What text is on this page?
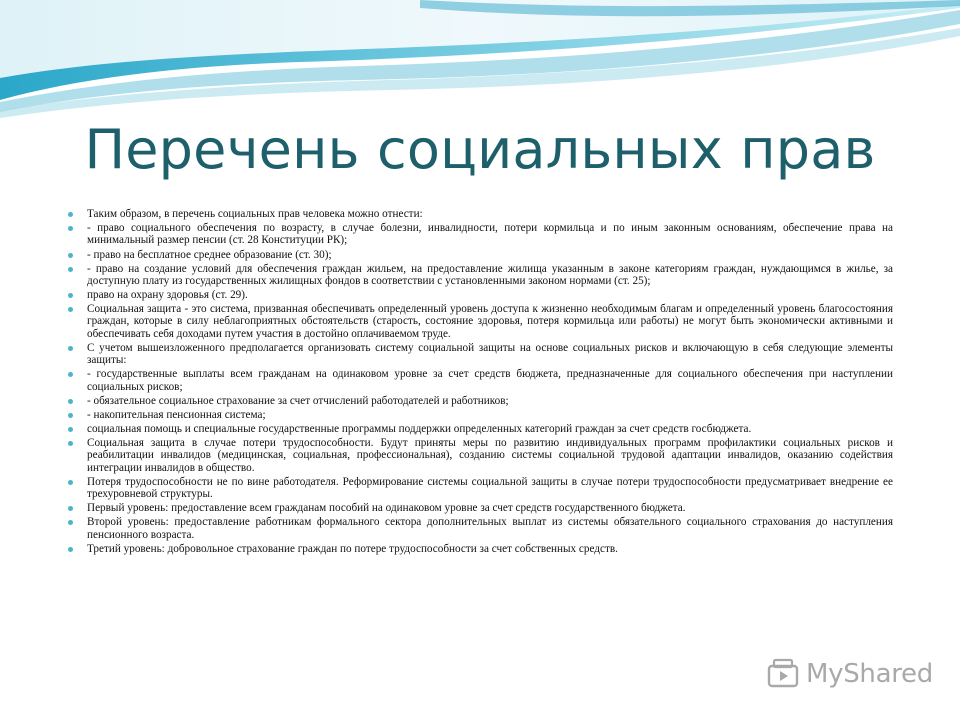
Перечень социальных прав
Таким образом, в перечень социальных прав человека можно отнести:
- право социального обеспечения по возрасту, в случае болезни, инвалидности, потери кормильца и по иным законным основаниям, обеспечение права на минимальный размер пенсии (ст. 28 Конституции РК);
- право на бесплатное среднее образование (ст. 30);
- право на создание условий для обеспечения граждан жильем, на предоставление жилища указанным в законе категориям граждан, нуждающимся в жилье, за доступную плату из государственных жилищных фондов в соответствии с установленными законом нормами (ст. 25);
право на охрану здоровья (ст. 29).
Социальная защита - это система, призванная обеспечивать определенный уровень доступа к жизненно необходимым благам и определенный уровень благосостояния граждан, которые в силу неблагоприятных обстоятельств (старость, состояние здоровья, потеря кормильца или работы) не могут быть экономически активными и обеспечивать себя доходами путем участия в достойно оплачиваемом труде.
С учетом вышеизложенного предполагается организовать систему социальной защиты на основе социальных рисков и включающую в себя следующие элементы защиты:
- государственные выплаты всем гражданам на одинаковом уровне за счет средств бюджета, предназначенные для социального обеспечения при наступлении социальных рисков;
- обязательное социальное страхование за счет отчислений работодателей и работников;
- накопительная пенсионная система;
социальная помощь и специальные государственные программы поддержки определенных категорий граждан за счет средств госбюджета.
Социальная защита в случае потери трудоспособности. Будут приняты меры по развитию индивидуальных программ профилактики социальных рисков и реабилитации инвалидов (медицинская, социальная, профессиональная), созданию системы социальной трудовой адаптации инвалидов, оказанию содействия интеграции инвалидов в общество.
Потеря трудоспособности не по вине работодателя. Реформирование системы социальной защиты в случае потери трудоспособности предусматривает внедрение ее трехуровневой структуры.
Первый уровень: предоставление всем гражданам пособий на одинаковом уровне за счет средств государственного бюджета.
Второй уровень: предоставление работникам формального сектора дополнительных выплат из системы обязательного социального страхования до наступления пенсионного возраста.
Третий уровень: добровольное страхование граждан по потере трудоспособности за счет собственных средств.
MyShared
